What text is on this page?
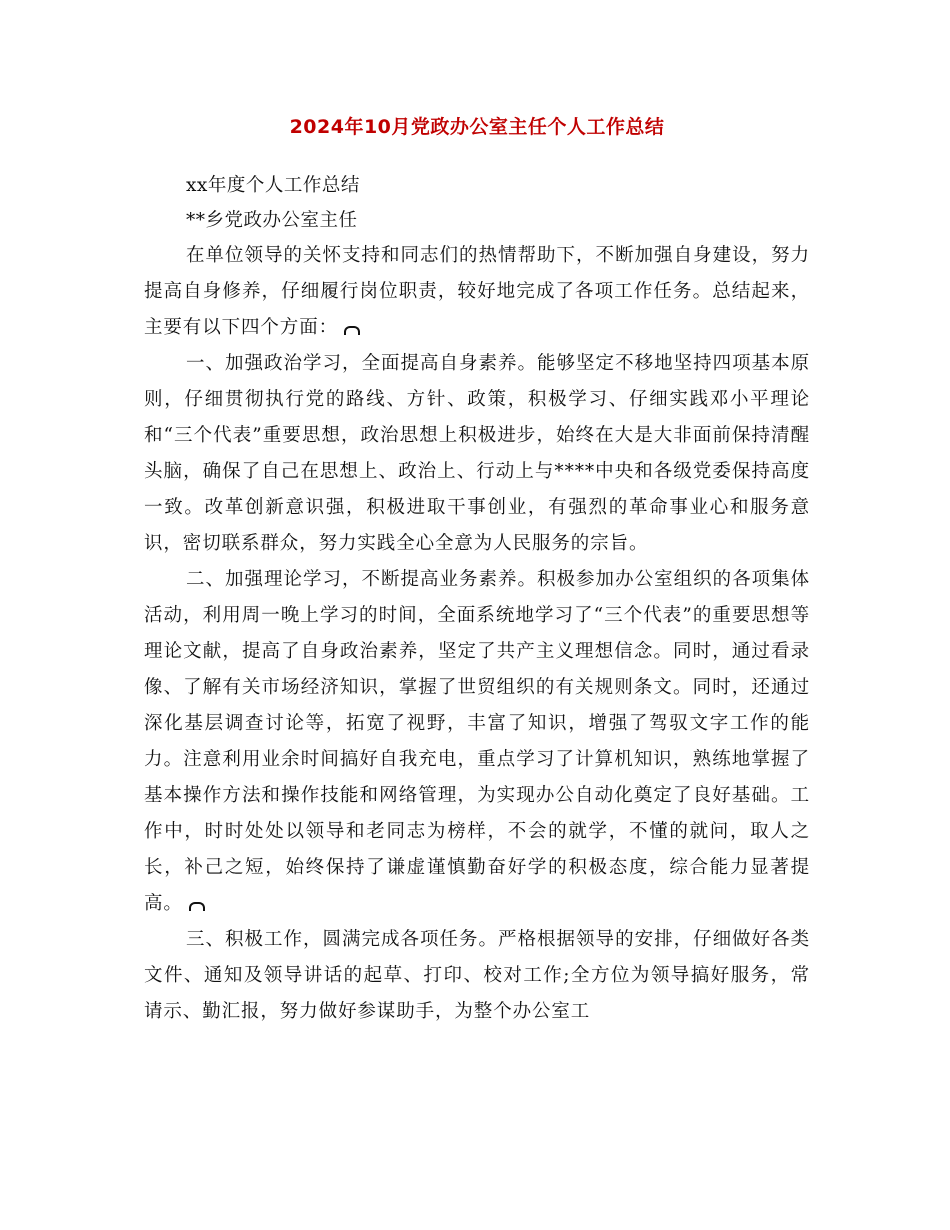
2024年10月党政办公室主任个人工作总结

xx年度个人工作总结

**乡党政办公室主任

在单位领导的关怀支持和同志们的热情帮助下，不断加强自身建设，努力提高自身修养，仔细履行岗位职责，较好地完成了各项工作任务。总结起来，主要有以下四个方面：

一、加强政治学习，全面提高自身素养。能够坚定不移地坚持四项基本原则，仔细贯彻执行党的路线、方针、政策，积极学习、仔细实践邓小平理论和“三个代表”重要思想，政治思想上积极进步，始终在大是大非面前保持清醒头脑，确保了自己在思想上、政治上、行动上与****中央和各级党委保持高度一致。改革创新意识强，积极进取干事创业，有强烈的革命事业心和服务意识，密切联系群众，努力实践全心全意为人民服务的宗旨。

二、加强理论学习，不断提高业务素养。积极参加办公室组织的各项集体活动，利用周一晚上学习的时间，全面系统地学习了“三个代表”的重要思想等理论文献，提高了自身政治素养，坚定了共产主义理想信念。同时，通过看录像、了解有关市场经济知识，掌握了世贸组织的有关规则条文。同时，还通过深化基层调查讨论等，拓宽了视野，丰富了知识，增强了驾驭文字工作的能力。注意利用业余时间搞好自我充电，重点学习了计算机知识，熟练地掌握了基本操作方法和操作技能和网络管理，为实现办公自动化奠定了良好基础。工作中，时时处处以领导和老同志为榜样，不会的就学，不懂的就问，取人之长，补己之短，始终保持了谦虚谨慎勤奋好学的积极态度，综合能力显著提高。

三、积极工作，圆满完成各项任务。严格根据领导的安排，仔细做好各类文件、通知及领导讲话的起草、打印、校对工作;全方位为领导搞好服务，常请示、勤汇报，努力做好参谋助手，为整个办公室工
